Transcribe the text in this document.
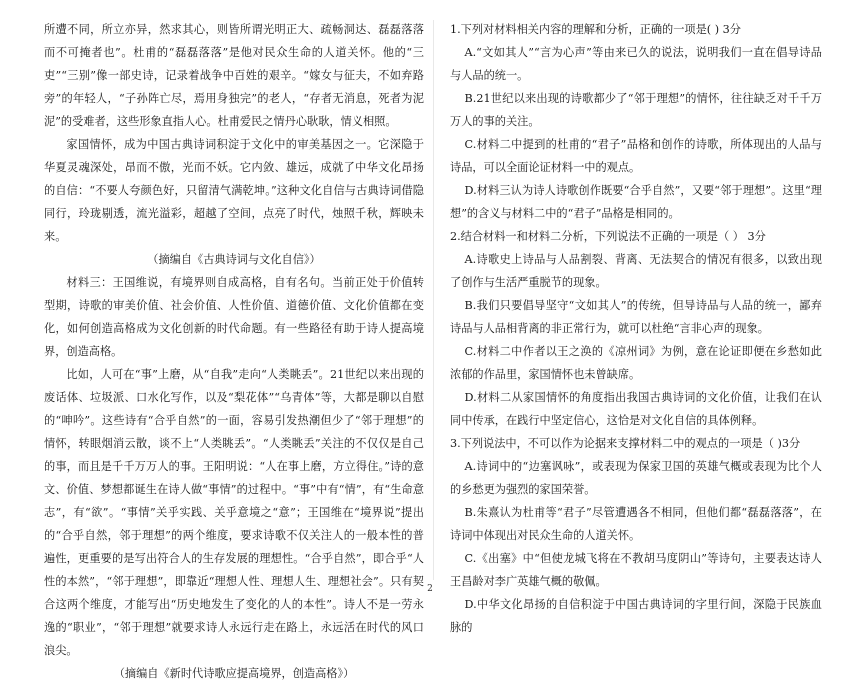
所遭不同，所立亦异，然求其心，则皆所谓光明正大、疏畅洞达、磊磊落落而不可掩者也”。杜甫的“磊磊落落”是他对民众生命的人道关怀。他的“三吏”“三别”像一部史诗，记录着战争中百姓的艰辛。“嫁女与征夫，不如弃路旁”的年轻人，“子孙阵亡尽，焉用身独完”的老人，“存者无消息，死者为泥泥”的受难者，这些形象直指人心。杜甫爱民之情丹心耿耿，情义相照。

家国情怀，成为中国古典诗词积淀于文化中的审美基因之一。它深隐于华夏灵魂深处，昂而不傲，光而不妖。它内敛、雄远，成就了中华文化昂扬的自信：“不要人夸颜色好，只留清气满乾坤。”这种文化自信与古典诗词借隐同行，玲珑剔透，流光溢彩，超越了空间，点亮了时代，烛照千秋，辉映未来。

（摘编自《古典诗词与文化自信》）

材料三：王国维说，有境界则自成高格，自有名句。当前正处于价值转型期，诗歌的审美价值、社会价值、人性价值、道德价值、文化价值都在变化，如何创造高格成为文化创新的时代命题。有一些路径有助于诗人提高境界，创造高格。

比如，人可在“事”上磨，从“自我”走向“人类眺丢”。21世纪以来出现的废话体、垃圾派、口水化写作，以及“梨花体”“乌青体”等，大都是聊以自慰的“呻吟”。这些诗有“合乎自然”的一面，容易引发热潮但少了“邻于理想”的情怀，转眼烟消云散，谈不上“人类眺丢”。“人类眺丢”关注的不仅仅是自己的事，而且是千千万万人的事。王阳明说：“人在事上磨，方立得住。”诗的意文、价值、梦想都诞生在诗人做“事情”的过程中。“事”中有“情”，有“生命意志”，有“欲”。“事情”关乎实践、关乎意境之“意”；王国维在“境界说”提出的“合乎自然，邻于理想”的两个维度，要求诗歌不仅关注人的一般本性的普遍性，更重要的是写出符合人的生存发展的理想性。“合乎自然”，即合乎“人性的本然”，“邻于理想”，即靠近“理想人性、理想人生、理想社会”。只有契合这两个维度，才能写出“历史地发生了变化的人的本性”。诗人不是一劳永逸的“职业”，“邻于理想”就要求诗人永远行走在路上，永远活在时代的风口浪尖。

（摘编自《新时代诗歌应提高境界，创造高格》）

1.下列对材料相关内容的理解和分析，正确的一项是( ) 3分

A.“文如其人”“言为心声”等由来已久的说法，说明我们一直在倡导诗品与人品的统一。

B.21世纪以来出现的诗歌都少了“邻于理想”的情怀，往往缺乏对千千万万人的事的关注。

C.材料二中提到的杜甫的“君子”品格和创作的诗歌，所体现出的人品与诗品，可以全面论证材料一中的观点。

D.材料三认为诗人诗歌创作既要“合乎自然”，又要“邻于理想”。这里“理想”的含义与材料二中的“君子”品格是相同的。

2.结合材料一和材料二分析，下列说法不正确的一项是（ ） 3分

A.诗歌史上诗品与人品割裂、背离、无法契合的情况有很多，以致出现了创作与生活严重脱节的现象。

B.我们只要倡导坚守“文如其人”的传统，但导诗品与人品的统一，鄙弃诗品与人品相背离的非正常行为，就可以杜绝“言非心声的现象。

C.材料二中作者以王之涣的《凉州词》为例，意在论证即便在乡愁如此浓郁的作品里，家国情怀也未曾缺席。

D.材料二从家国情怀的角度指出我国古典诗词的文化价值，让我们在认同中传承，在践行中坚定信心，这恰是对文化自信的具体例释。

3.下列说法中，不可以作为论据来支撑材料二中的观点的一项是（ )3分

A.诗词中的“边塞讽咏”，或表现为保家卫国的英雄气概或表现为比个人的乡愁更为强烈的家国荣誉。

B.朱熹认为杜甫等“君子”尽管遭遇各不相同，但他们都“磊磊落落”，在诗词中体现出对民众生命的人道关怀。

C.《出塞》中“但使龙城飞将在不教胡马度阴山”等诗句，主要表达诗人王昌龄对李广英雄气概的敬佩。

D.中华文化昂扬的自信积淀于中国古典诗词的字里行间，深隐于民族血脉的

2
